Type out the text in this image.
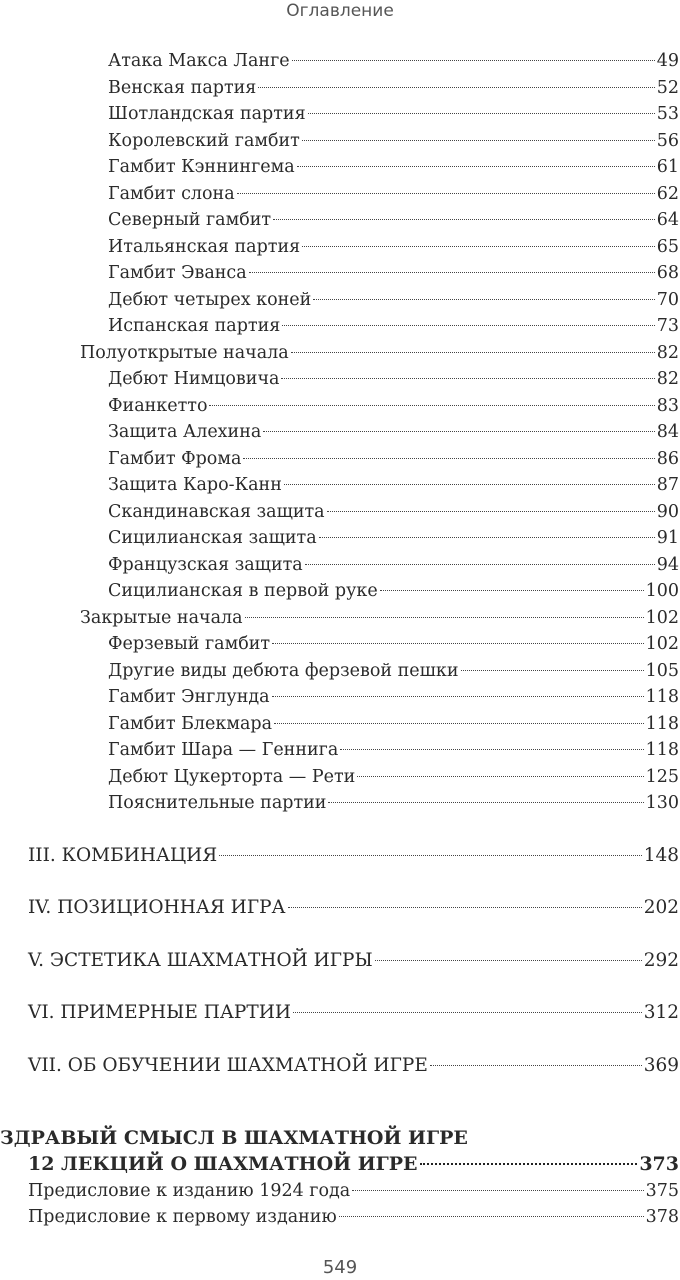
Оглавление
Атака Макса Ланге	49
Венская партия	52
Шотландская партия	53
Королевский гамбит	56
Гамбит Кэннингема	61
Гамбит слона	62
Северный гамбит	64
Итальянская партия	65
Гамбит Эванса	68
Дебют четырех коней	70
Испанская партия	73
Полуоткрытые начала	82
Дебют Нимцовича	82
Фианкетто	83
Защита Алехина	84
Гамбит Фрома	86
Защита Каро-Канн	87
Скандинавская защита	90
Сицилианская защита	91
Французская защита	94
Сицилианская в первой руке	100
Закрытые начала	102
Ферзевый гамбит	102
Другие виды дебюта ферзевой пешки	105
Гамбит Энглунда	118
Гамбит Блекмара	118
Гамбит Шара — Геннига	118
Дебют Цукерторта — Рети	125
Пояснительные партии	130
III. КОМБИНАЦИЯ	148
IV. ПОЗИЦИОННАЯ ИГРА	202
V. ЭСТЕТИКА ШАХМАТНОЙ ИГРЫ	292
VI. ПРИМЕРНЫЕ ПАРТИИ	312
VII. ОБ ОБУЧЕНИИ ШАХМАТНОЙ ИГРЕ	369
ЗДРАВЫЙ СМЫСЛ В ШАХМАТНОЙ ИГРЕ
12 ЛЕКЦИЙ О ШАХМАТНОЙ ИГРЕ	373
Предисловие к изданию 1924 года	375
Предисловие к первому изданию	378
549
